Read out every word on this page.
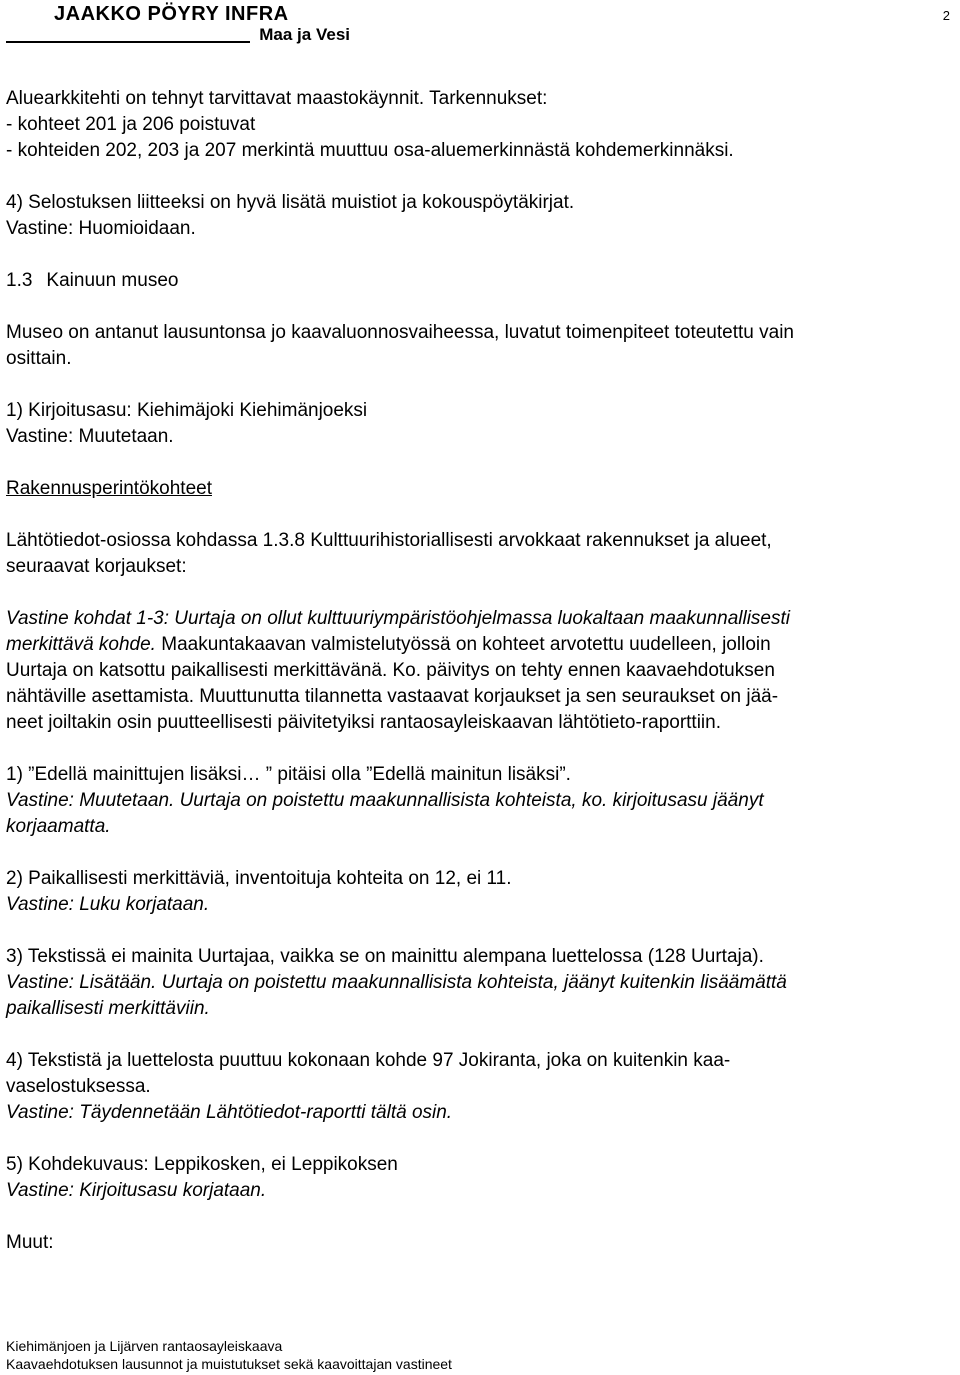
JAAKKO PÖYRY INFRA
Maa ja Vesi
2

Aluearkkitehti on tehnyt tarvittavat maastokäynnit. Tarkennukset:

- kohteet 201 ja 206 poistuvat

- kohteiden 202, 203 ja 207 merkintä muuttuu osa-aluemerkinnästä kohdemerkinnäksi.

4) Selostuksen liitteeksi on hyvä lisätä muistiot ja kokouspöytäkirjat.

Vastine: Huomioidaan.

1.3 Kainuun museo

Museo on antanut lausuntonsa jo kaavaluonnosvaiheessa, luvatut toimenpiteet toteutettu vain

osittain.

1) Kirjoitusasu: Kiehimäjoki Kiehimänjoeksi

Vastine: Muutetaan.

Rakennusperintökohteet

Lähtötiedot-osiossa kohdassa 1.3.8 Kulttuurihistoriallisesti arvokkaat rakennukset ja alueet,

seuraavat korjaukset:

Vastine kohdat 1-3: Uurtaja on ollut kulttuuriympäristöohjelmassa luokaltaan maakunnallisesti

merkittävä kohde. Maakuntakaavan valmistelutyössä on kohteet arvotettu uudelleen, jolloin

Uurtaja on katsottu paikallisesti merkittävänä. Ko. päivitys on tehty ennen kaavaehdotuksen

nähtäville asettamista. Muuttunutta tilannetta vastaavat korjaukset ja sen seuraukset on jää-

neet joiltakin osin puutteellisesti päivitetyiksi rantaosayleiskaavan lähtötieto-raporttiin.

1) ”Edellä mainittujen lisäksi… ” pitäisi olla ”Edellä mainitun lisäksi”.

Vastine: Muutetaan. Uurtaja on poistettu maakunnallisista kohteista, ko. kirjoitusasu jäänyt

korjaamatta.

2) Paikallisesti merkittäviä, inventoituja kohteita on 12, ei 11.

Vastine: Luku korjataan.

3) Tekstissä ei mainita Uurtajaa, vaikka se on mainittu alempana luettelossa (128 Uurtaja).

Vastine: Lisätään. Uurtaja on poistettu maakunnallisista kohteista, jäänyt kuitenkin lisäämättä

paikallisesti merkittäviin.

4) Tekstistä ja luettelosta puuttuu kokonaan kohde 97 Jokiranta, joka on kuitenkin kaa-

vaselostuksessa.

Vastine: Täydennetään Lähtötiedot-raportti tältä osin.

5) Kohdekuvaus: Leppikosken, ei Leppikoksen

Vastine: Kirjoitusasu korjataan.

Muut:

Kiehimänjoen ja Lijärven rantaosayleiskaava
Kaavaehdotuksen lausunnot ja muistutukset sekä kaavoittajan vastineet
